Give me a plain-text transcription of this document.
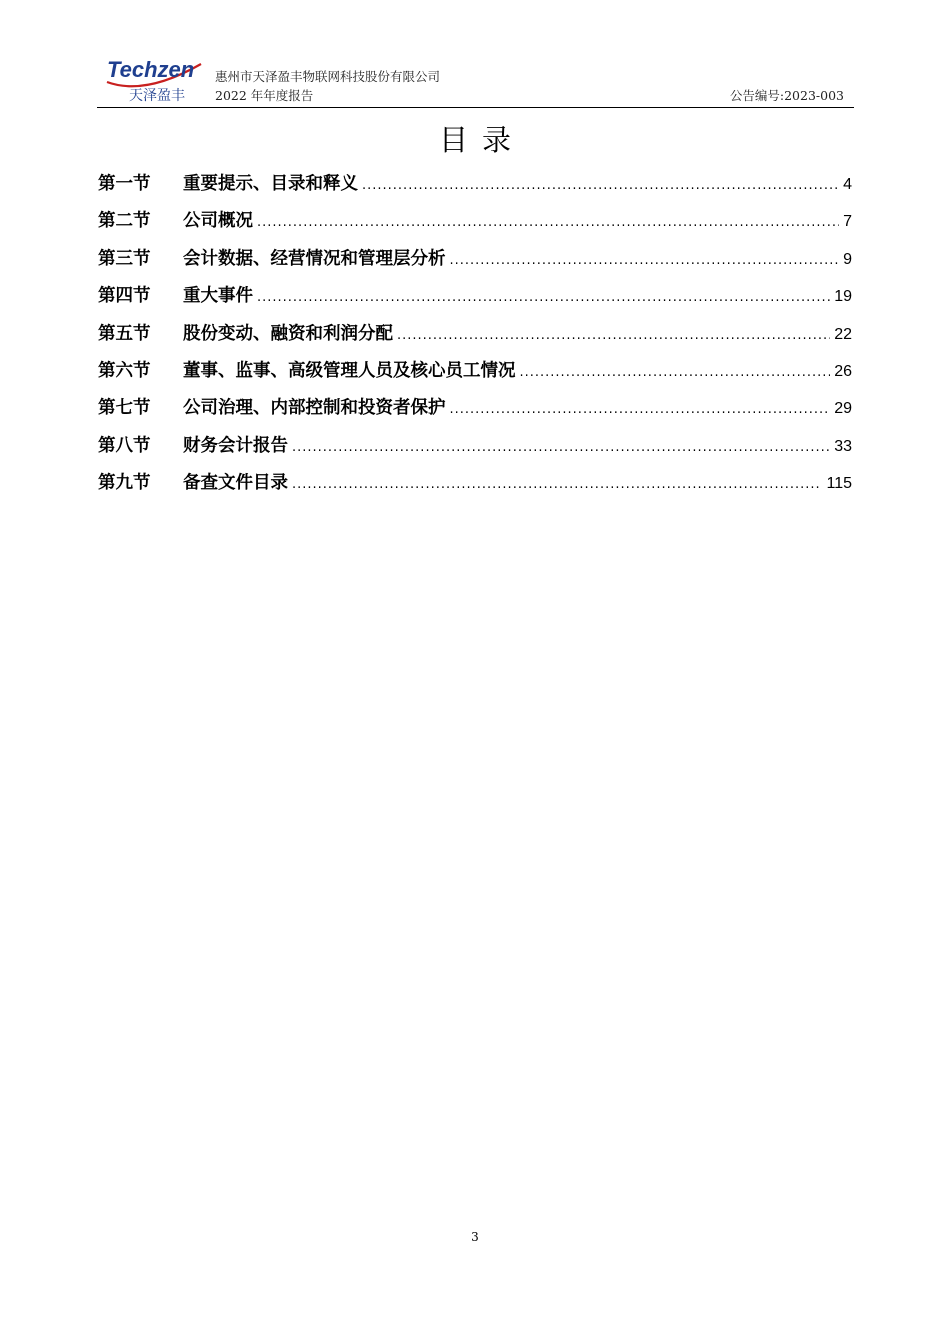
Techzen
天泽盈丰
惠州市天泽盈丰物联网科技股份有限公司
2022 年年度报告	公告编号:2023-003
目录
第一节	重要提示、目录和释义 .....	4
第二节	公司概况 .....	7
第三节	会计数据、经营情况和管理层分析 .....	9
第四节	重大事件 .....	19
第五节	股份变动、融资和利润分配 .....	22
第六节	董事、监事、高级管理人员及核心员工情况 .....	26
第七节	公司治理、内部控制和投资者保护 .....	29
第八节	财务会计报告 .....	33
第九节	备查文件目录 .....	115
3
